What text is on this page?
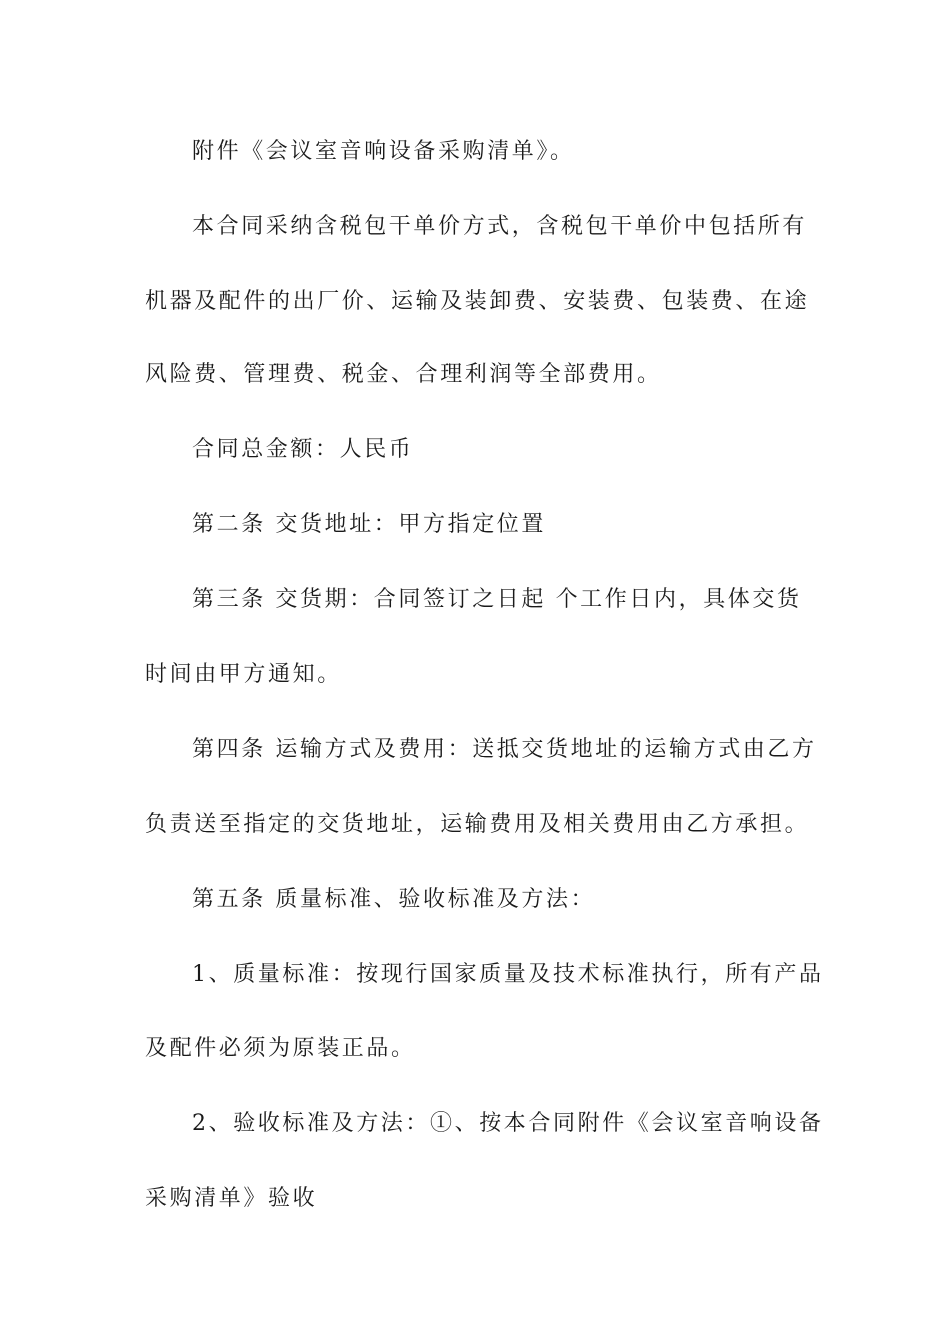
附件《会议室音响设备采购清单》。

本合同采纳含税包干单价方式，含税包干单价中包括所有

机器及配件的出厂价、运输及装卸费、安装费、包装费、在途

风险费、管理费、税金、合理利润等全部费用。

合同总金额：人民币

第二条 交货地址：甲方指定位置

第三条 交货期：合同签订之日起 个工作日内，具体交货

时间由甲方通知。

第四条 运输方式及费用：送抵交货地址的运输方式由乙方

负责送至指定的交货地址，运输费用及相关费用由乙方承担。

第五条 质量标准、验收标准及方法：

1、质量标准：按现行国家质量及技术标准执行，所有产品

及配件必须为原装正品。

2、验收标准及方法：①、按本合同附件《会议室音响设备

采购清单》验收
